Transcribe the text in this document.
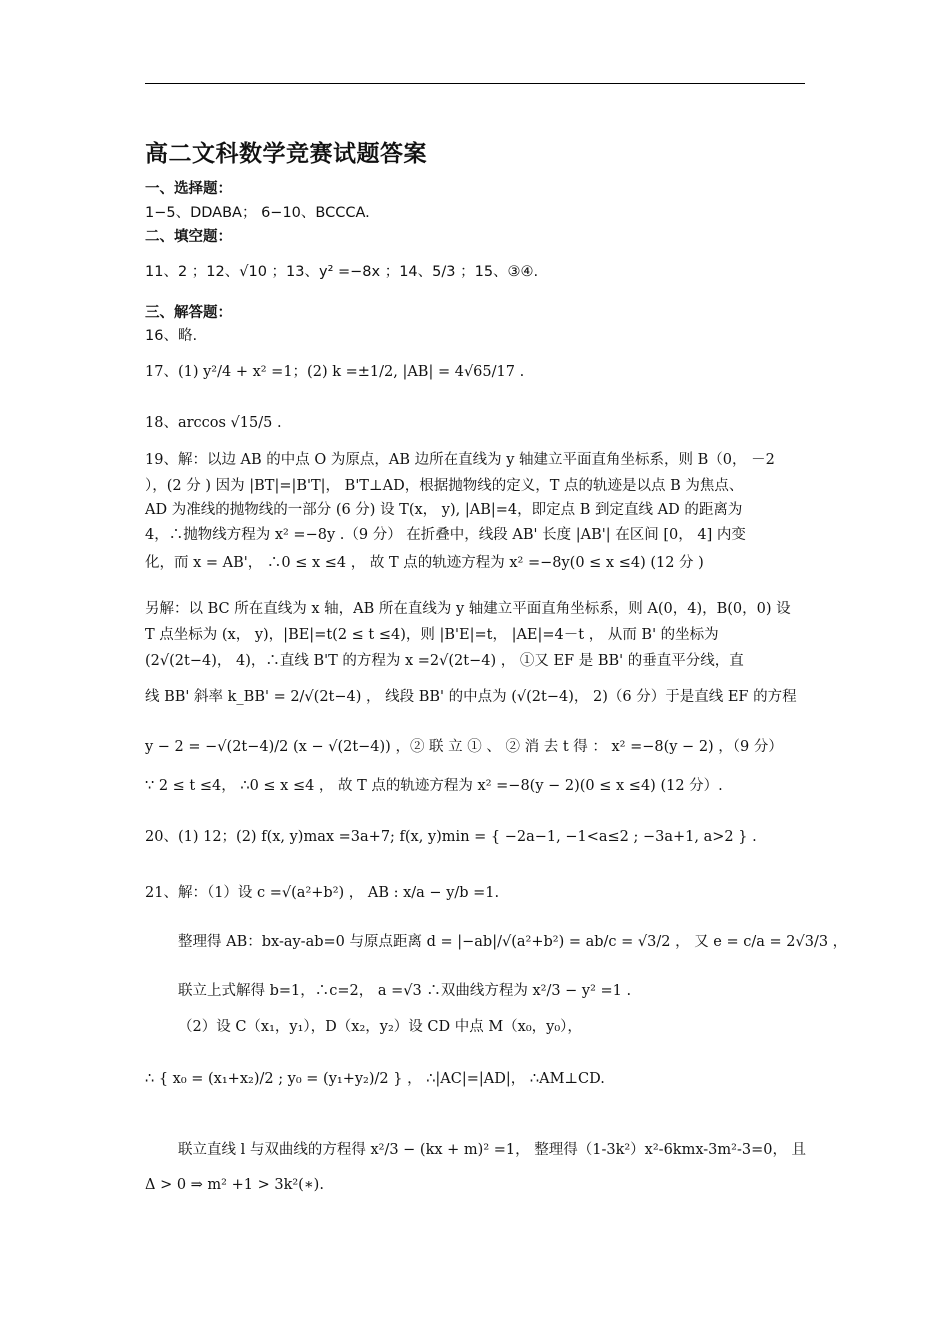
高二文科数学竞赛试题答案
一、选择题：
1−5、DDABA； 6−10、BCCCA.
二、填空题：
11、2 ；12、√10 ；13、y² =−8x ；14、5/3 ；15、③④.
三、解答题：
16、略.
17、(1) y²/4 + x² =1；(2) k =±1/2, |AB| = 4√65/17 .
18、arccos √15/5 .
19、解：以边 AB 的中点 O 为原点，AB 边所在直线为 y 轴建立平面直角坐标系，则 B（0， －2
），(2 分 ) 因为 |BT|=|B'T|， B'T⊥AD，根据抛物线的定义，T 点的轨迹是以点 B 为焦点、
AD 为准线的抛物线的一部分 (6 分) 设 T(x， y), |AB|=4，即定点 B 到定直线 AD 的距离为
4，∴抛物线方程为 x² =−8y .（9 分） 在折叠中，线段 AB' 长度 |AB'| 在区间 [0， 4] 内变
化，而 x = AB'， ∴0 ≤ x ≤4 ， 故 T 点的轨迹方程为 x² =−8y(0 ≤ x ≤4) (12 分 )
另解：以 BC 所在直线为 x 轴，AB 所在直线为 y 轴建立平面直角坐标系，则 A(0，4)，B(0，0) 设
T 点坐标为 (x， y)，|BE|=t(2 ≤ t ≤4)，则 |B'E|=t， |AE|=4－t ， 从而 B' 的坐标为
(2√(2t−4)， 4)，∴直线 B'T 的方程为 x =2√(2t−4) ， ①又 EF 是 BB' 的垂直平分线，直
线 BB' 斜率 k_BB' = 2/√(2t−4) ， 线段 BB' 的中点为 (√(2t−4)， 2)（6 分）于是直线 EF 的方程
y − 2 = −√(2t−4)/2 (x − √(2t−4)) ，② 联 立 ① 、 ② 消 去 t 得 ： x² =−8(y − 2) ，（9 分）
∵ 2 ≤ t ≤4， ∴0 ≤ x ≤4 ， 故 T 点的轨迹方程为 x² =−8(y − 2)(0 ≤ x ≤4) (12 分）.
20、(1) 12；(2) f(x, y)max =3a+7; f(x, y)min = { −2a−1, −1<a≤2 ; −3a+1, a>2 } .
21、解：（1）设 c =√(a²+b²) ， AB : x/a − y/b =1.
整理得 AB：bx-ay-ab=0 与原点距离 d = |−ab|/√(a²+b²) = ab/c = √3/2 ， 又 e = c/a = 2√3/3 ，
联立上式解得 b=1，∴c=2， a =√3 ∴双曲线方程为 x²/3 − y² =1 .
（2）设 C（x₁，y₁），D（x₂，y₂）设 CD 中点 M（x₀，y₀），
∴ { x₀ = (x₁+x₂)/2 ; y₀ = (y₁+y₂)/2 } ， ∴|AC|=|AD|， ∴AM⊥CD.
联立直线 l 与双曲线的方程得 x²/3 − (kx + m)² =1， 整理得（1-3k²）x²-6kmx-3m²-3=0， 且
Δ > 0 ⇒ m² +1 > 3k²(∗).
